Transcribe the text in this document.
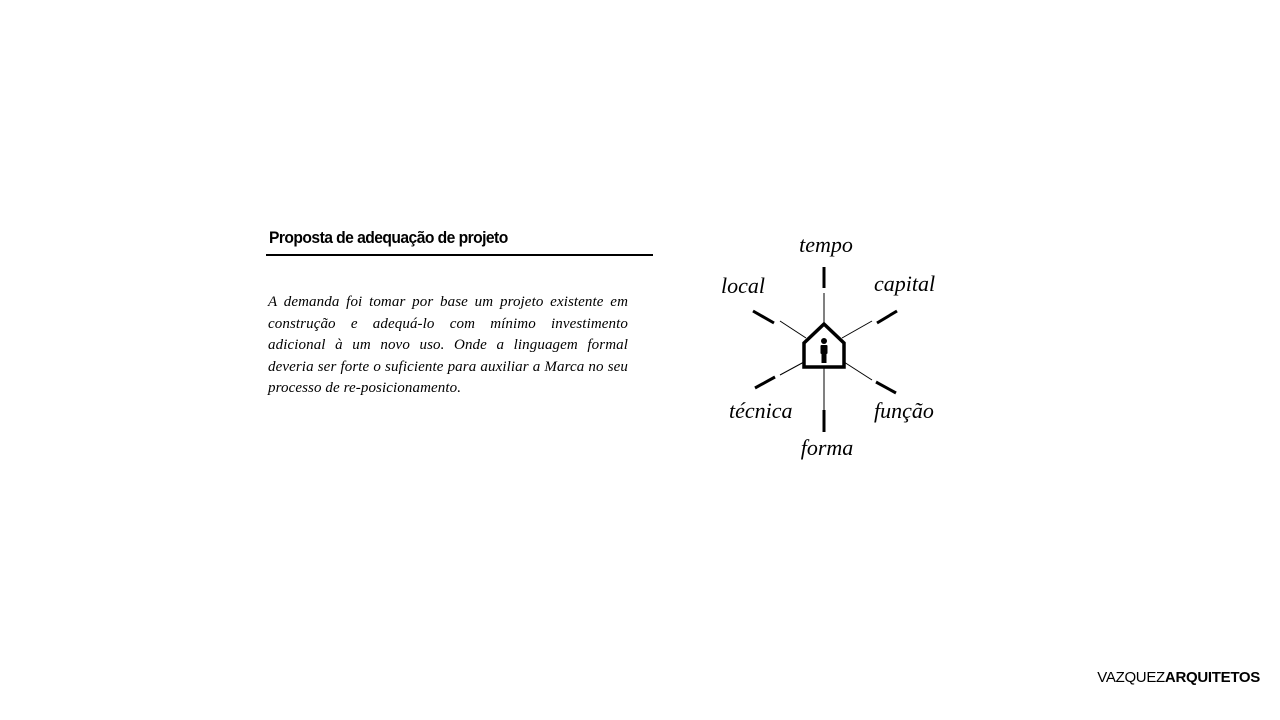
Proposta de adequação de projeto

A demanda foi tomar por base um projeto existente em construção e adequá-lo com mínimo investimento adicional à um novo uso. Onde a linguagem formal deveria ser forte o suficiente para auxiliar a Marca no seu processo de re-posicionamento.

tempo
local	capital
técnica	função
forma
VAZQUEZARQUITETOS
